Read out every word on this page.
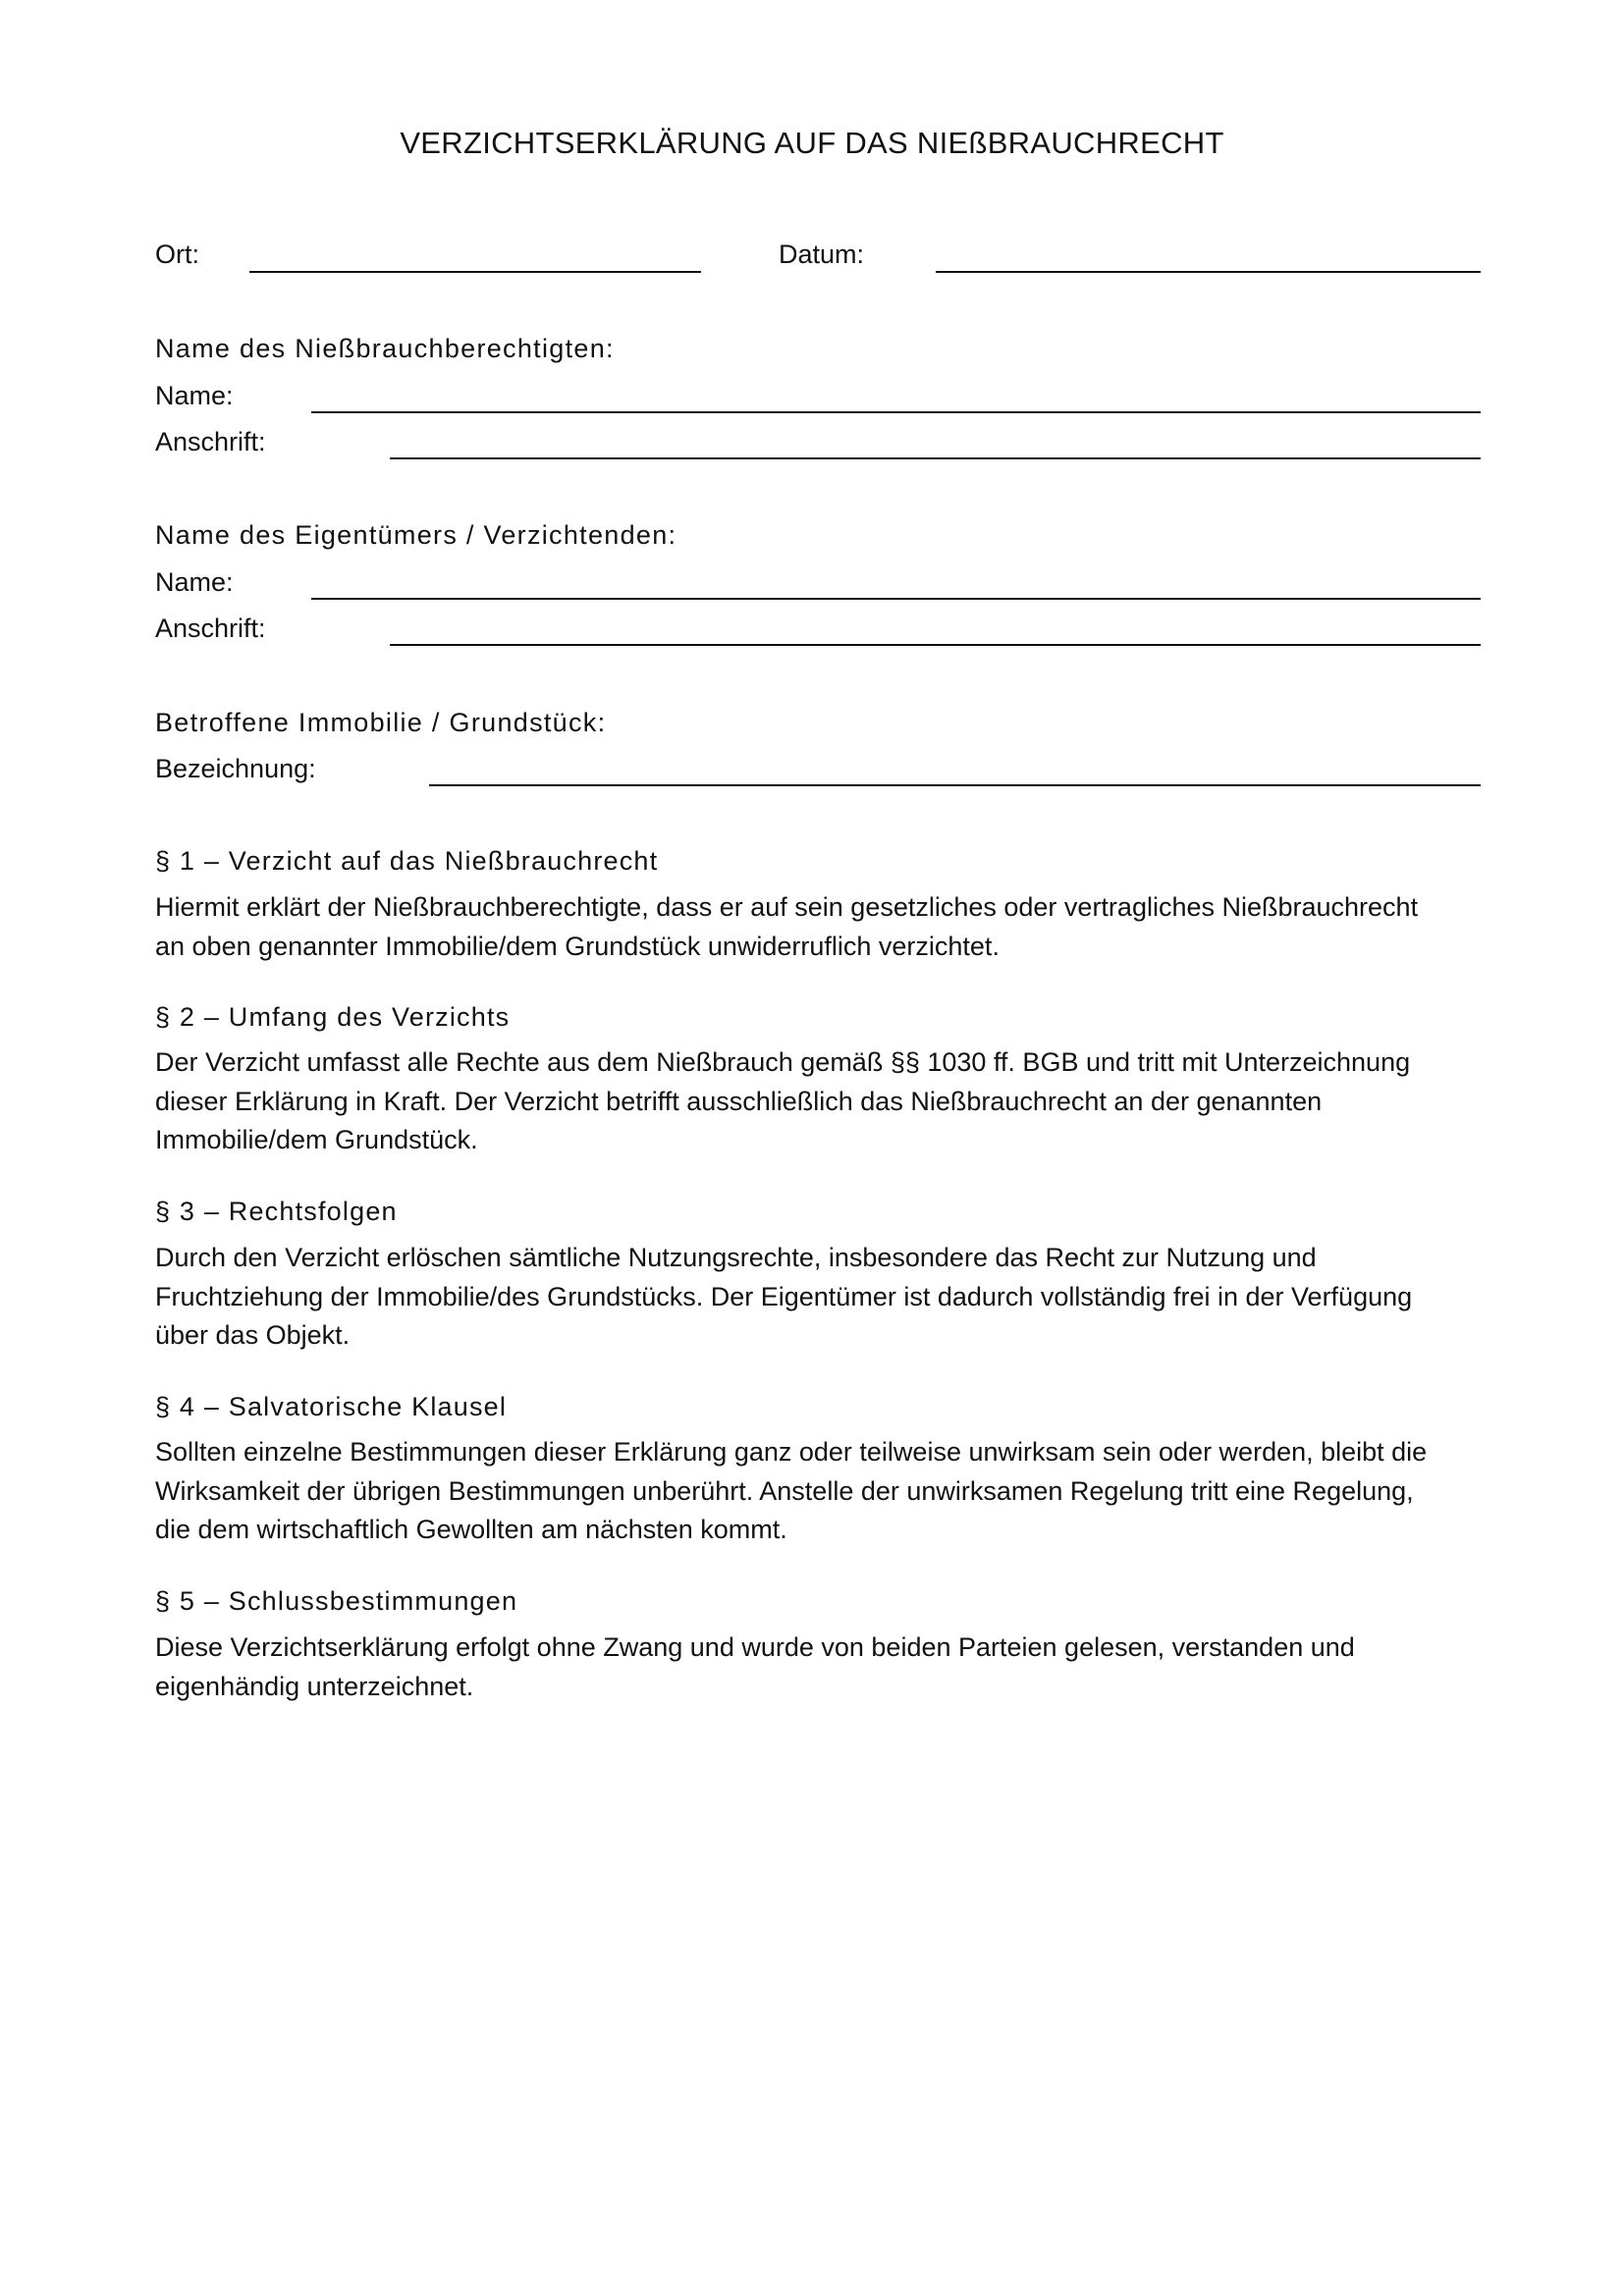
VERZICHTSERKLÄRUNG AUF DAS NIEßBRAUCHRECHT
Ort:	Datum:
Name des Nießbrauchberechtigten:
Name:
Anschrift:
Name des Eigentümers / Verzichtenden:
Name:
Anschrift:
Betroffene Immobilie / Grundstück:
Bezeichnung:
§ 1 – Verzicht auf das Nießbrauchrecht
Hiermit erklärt der Nießbrauchberechtigte, dass er auf sein gesetzliches oder vertragliches Nießbrauchrecht
an oben genannter Immobilie/dem Grundstück unwiderruflich verzichtet.
§ 2 – Umfang des Verzichts
Der Verzicht umfasst alle Rechte aus dem Nießbrauch gemäß §§ 1030 ff. BGB und tritt mit Unterzeichnung
dieser Erklärung in Kraft. Der Verzicht betrifft ausschließlich das Nießbrauchrecht an der genannten
Immobilie/dem Grundstück.
§ 3 – Rechtsfolgen
Durch den Verzicht erlöschen sämtliche Nutzungsrechte, insbesondere das Recht zur Nutzung und
Fruchtziehung der Immobilie/des Grundstücks. Der Eigentümer ist dadurch vollständig frei in der Verfügung
über das Objekt.
§ 4 – Salvatorische Klausel
Sollten einzelne Bestimmungen dieser Erklärung ganz oder teilweise unwirksam sein oder werden, bleibt die
Wirksamkeit der übrigen Bestimmungen unberührt. Anstelle der unwirksamen Regelung tritt eine Regelung,
die dem wirtschaftlich Gewollten am nächsten kommt.
§ 5 – Schlussbestimmungen
Diese Verzichtserklärung erfolgt ohne Zwang und wurde von beiden Parteien gelesen, verstanden und
eigenhändig unterzeichnet.
